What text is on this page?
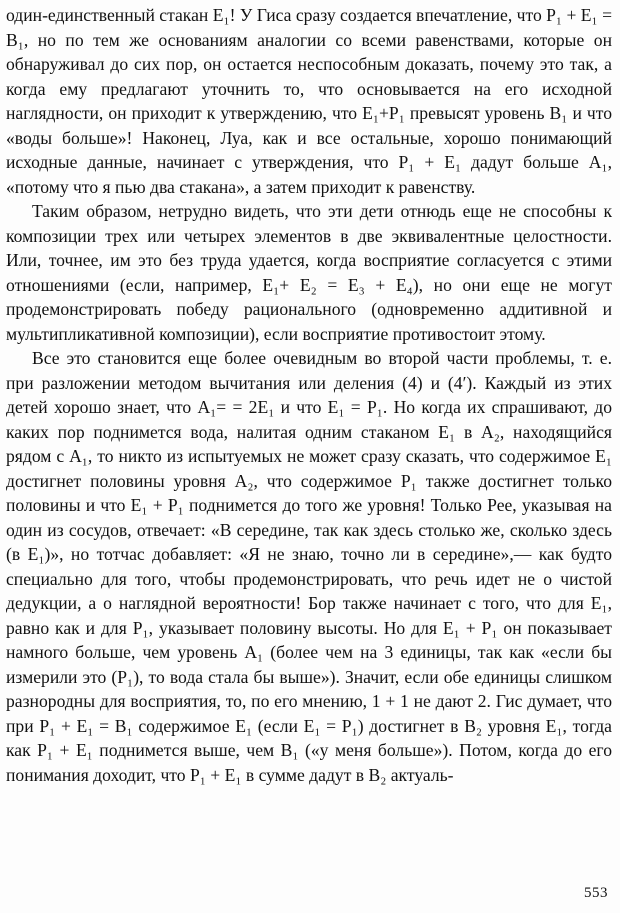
один-единственный стакан E₁! У Гиса сразу создается впечатление, что P₁ + E₁ = B₁, но по тем же основаниям аналогии со всеми равенствами, которые он обнаруживал до сих пор, он остается неспособным доказать, почему это так, а когда ему предлагают уточнить то, что основывается на его исходной наглядности, он приходит к утверждению, что E₁+P₁ превысят уровень B₁ и что «воды больше»! Наконец, Луа, как и все остальные, хорошо понимающий исходные данные, начинает с утверждения, что P₁ + E₁ дадут больше A₁, «потому что я пью два стакана», а затем приходит к равенству.

Таким образом, нетрудно видеть, что эти дети отнюдь еще не способны к композиции трех или четырех элементов в две эквивалентные целостности. Или, точнее, им это без труда удается, когда восприятие согласуется с этими отношениями (если, например, E₁+ E₂ = E₃ + E₄), но они еще не могут продемонстрировать победу рационального (одновременно аддитивной и мультипликативной композиции), если восприятие противостоит этому.

Все это становится еще более очевидным во второй части проблемы, т. е. при разложении методом вычитания или деления (4) и (4′). Каждый из этих детей хорошо знает, что A₁= = 2E₁ и что E₁ = P₁. Но когда их спрашивают, до каких пор поднимется вода, налитая одним стаканом E₁ в A₂, находящийся рядом с A₁, то никто из испытуемых не может сразу сказать, что содержимое E₁ достигнет половины уровня A₂, что содержимое P₁ также достигнет только половины и что E₁ + P₁ поднимется до того же уровня! Только Рее, указывая на один из сосудов, отвечает: «В середине, так как здесь столько же, сколько здесь (в E₁)», но тотчас добавляет: «Я не знаю, точно ли в середине»,— как будто специально для того, чтобы продемонстрировать, что речь идет не о чистой дедукции, а о наглядной вероятности! Бор также начинает с того, что для E₁, равно как и для P₁, указывает половину высоты. Но для E₁ + P₁ он показывает намного больше, чем уровень A₁ (более чем на 3 единицы, так как «если бы измерили это (P₁), то вода стала бы выше»). Значит, если обе единицы слишком разнородны для восприятия, то, по его мнению, 1 + 1 не дают 2. Гис думает, что при P₁ + E₁ = B₁ содержимое E₁ (если E₁ = P₁) достигнет в B₂ уровня E₁, тогда как P₁ + E₁ поднимется выше, чем B₁ («у меня больше»). Потом, когда до его понимания доходит, что P₁ + E₁ в сумме дадут в B₂ актуаль-

553
